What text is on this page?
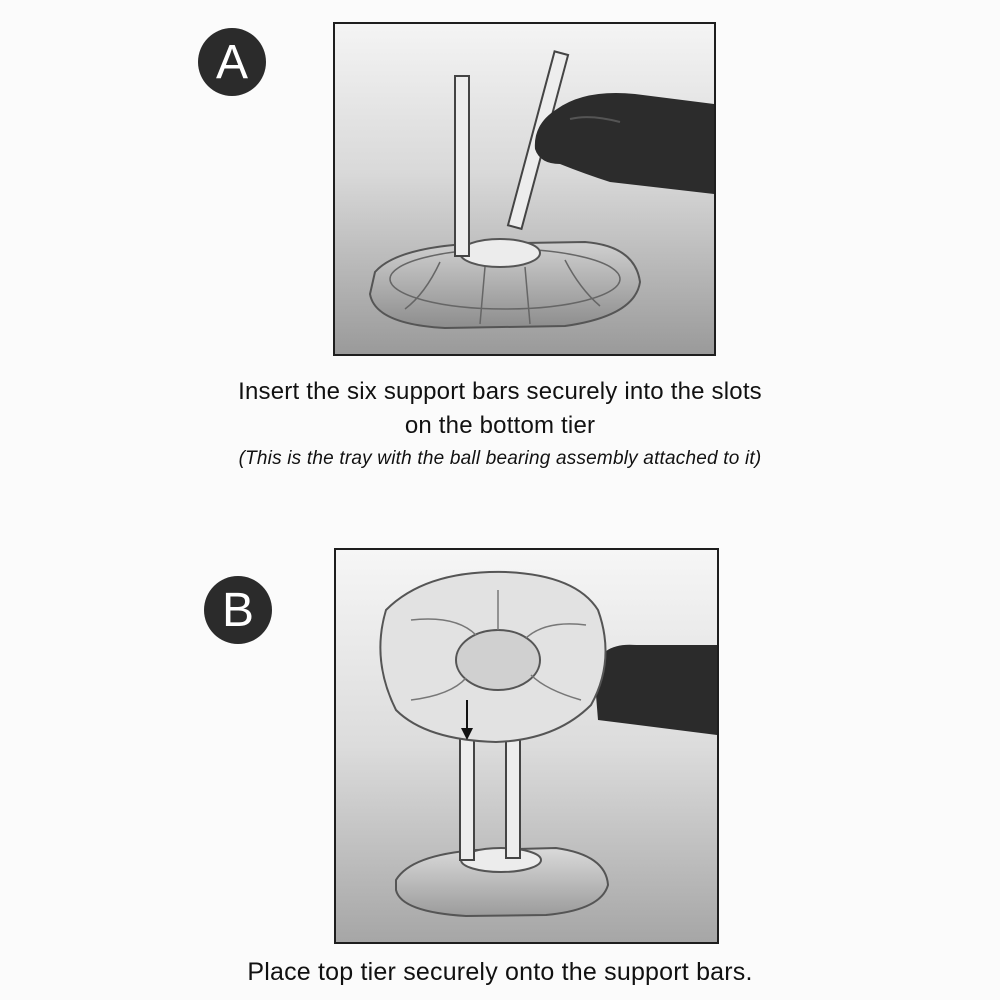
A
Insert the six support bars securely into the slots
on the bottom tier
(This is the tray with the ball bearing assembly attached to it)
B
Place top tier securely onto the support bars.
